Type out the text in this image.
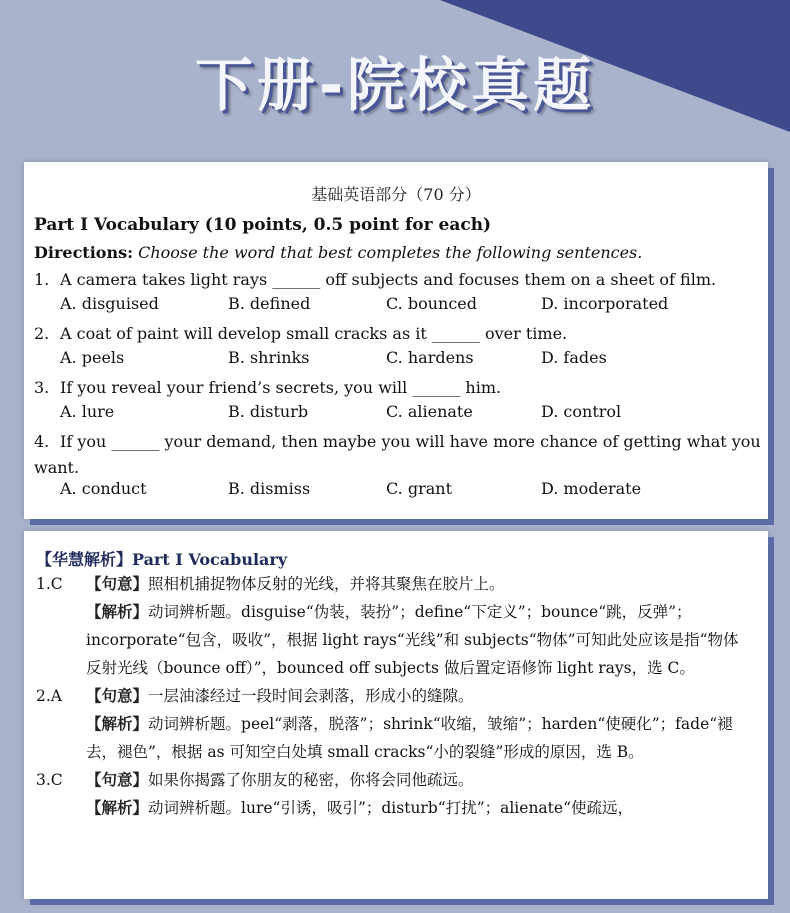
下册-院校真题
基础英语部分（70 分）
Part I Vocabulary (10 points, 0.5 point for each)
Directions: Choose the word that best completes the following sentences.
1. A camera takes light rays ______ off subjects and focuses them on a sheet of film.
A. disguised	B. defined	C. bounced	D. incorporated
2. A coat of paint will develop small cracks as it ______ over time.
A. peels	B. shrinks	C. hardens	D. fades
3. If you reveal your friend’s secrets, you will ______ him.
A. lure	B. disturb	C. alienate	D. control
4. If you ______ your demand, then maybe you will have more chance of getting what you
want.
A. conduct	B. dismiss	C. grant	D. moderate
【华慧解析】Part I Vocabulary
1.C 【句意】照相机捕捉物体反射的光线，并将其聚焦在胶片上。
【解析】动词辨析题。disguise“伪装，装扮”；define“下定义”；bounce“跳，反弹”；incorporate“包含，吸收”，根据 light rays“光线”和 subjects“物体”可知此处应该是指“物体反射光线（bounce off）”，bounced off subjects 做后置定语修饰 light rays，选 C。
2.A 【句意】一层油漆经过一段时间会剥落，形成小的缝隙。
【解析】动词辨析题。peel“剥落，脱落”；shrink“收缩，皱缩”；harden“使硬化”；fade“褪去，褪色”，根据 as 可知空白处填 small cracks“小的裂缝”形成的原因，选 B。
3.C 【句意】如果你揭露了你朋友的秘密，你将会同他疏远。
【解析】动词辨析题。lure“引诱，吸引”；disturb“打扰”；alienate“使疏远，
